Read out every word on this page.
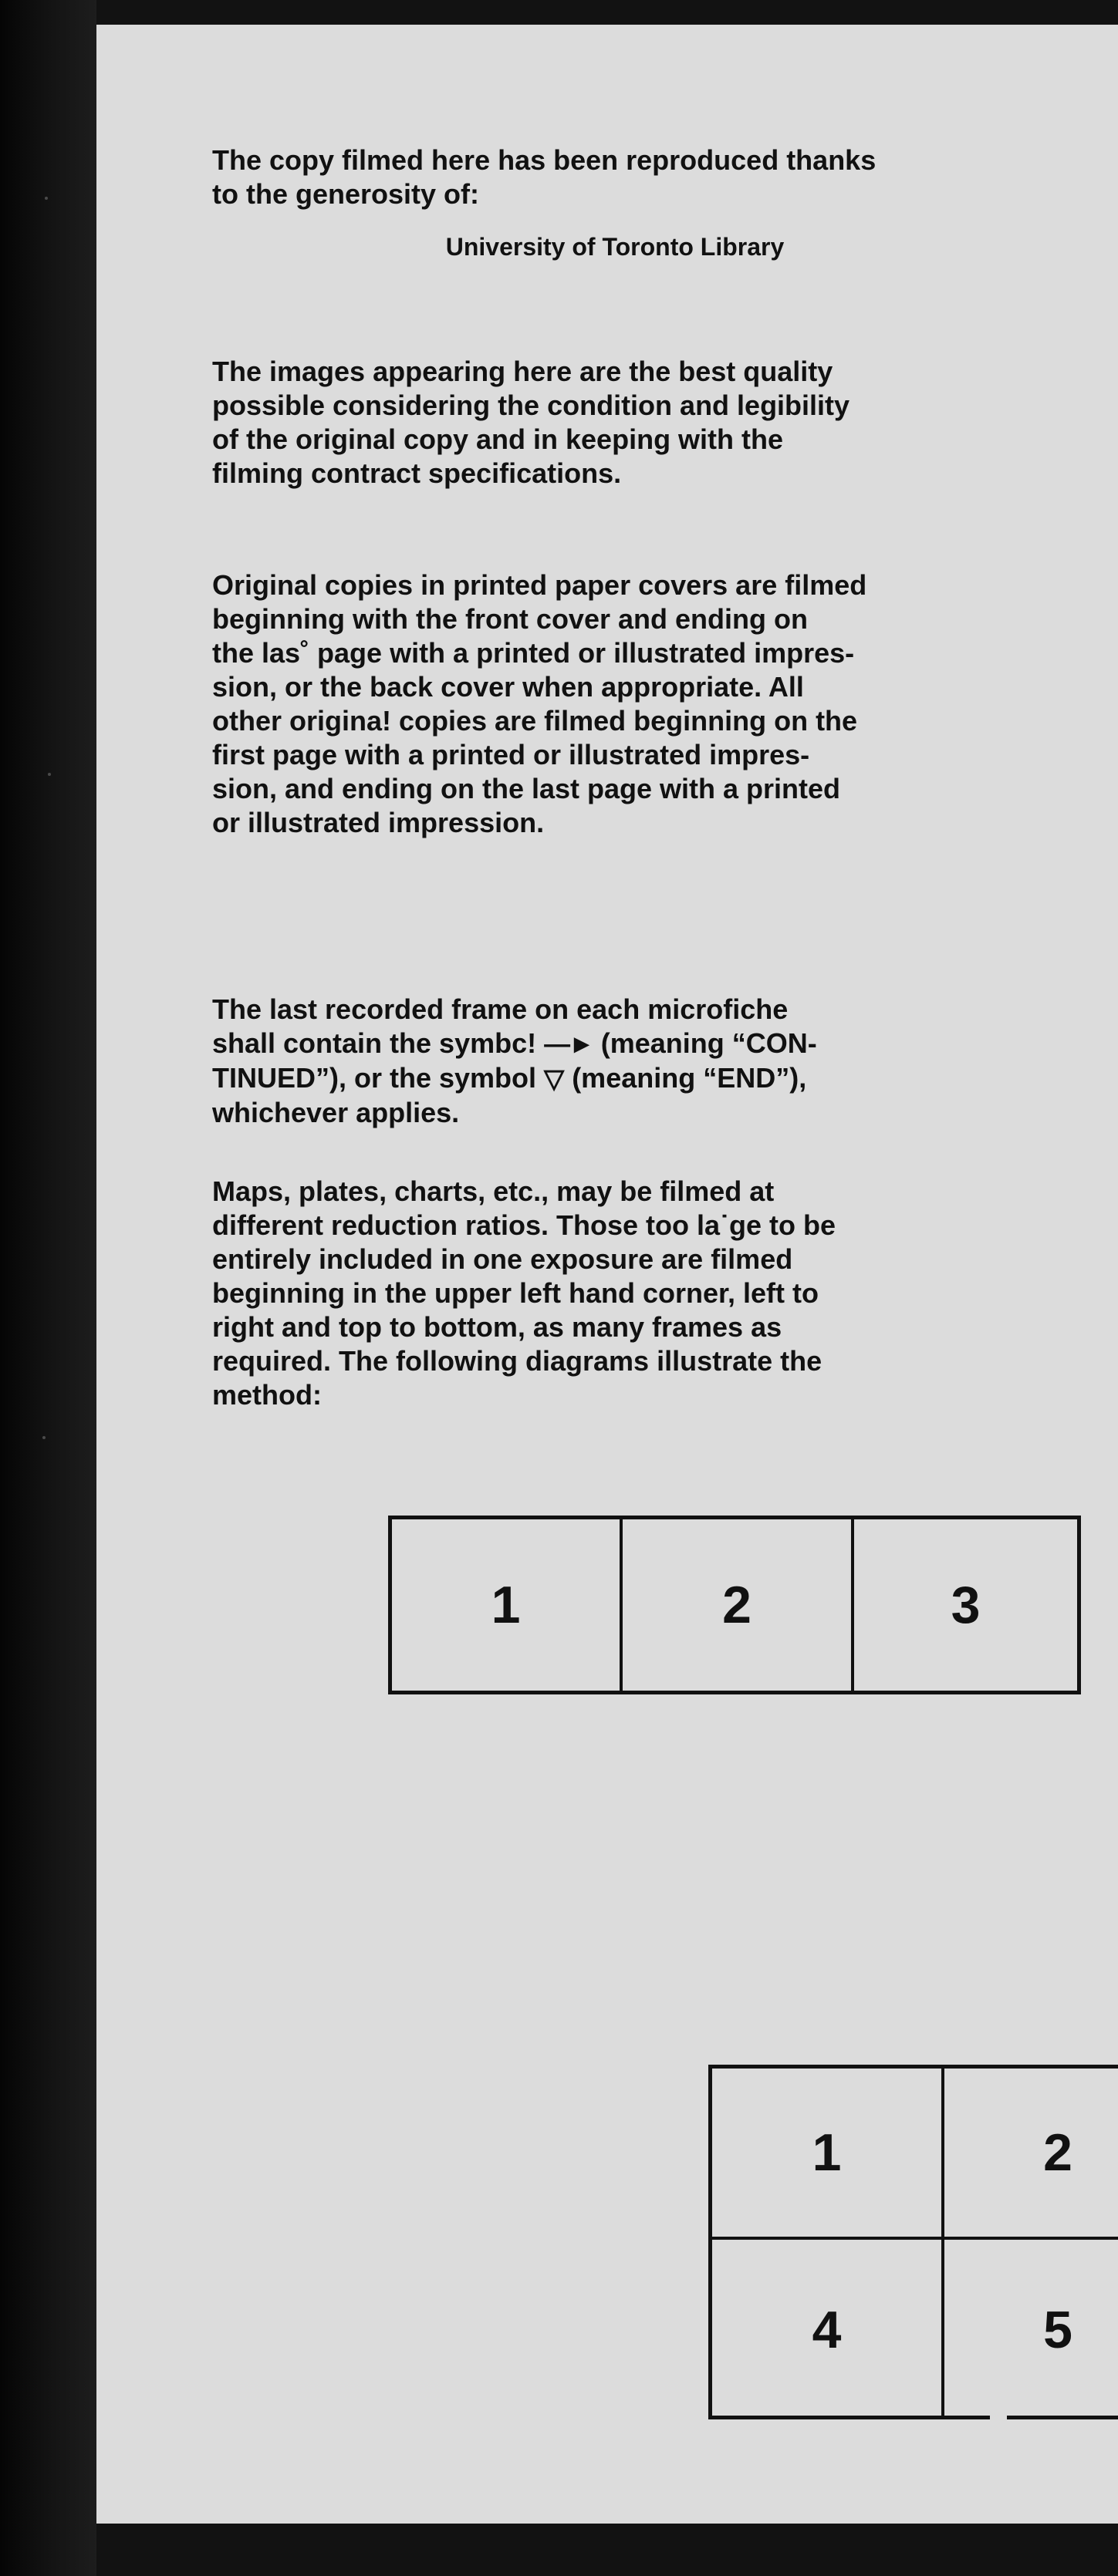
The copy filmed here has been reproduced thanks
to the generosity of:

University of Toronto Library

The images appearing here are the best quality
possible considering the condition and legibility
of the original copy and in keeping with the
filming contract specifications.

Original copies in printed paper covers are filmed
beginning with the front cover and ending on
the las˚ page with a printed or illustrated impres-
sion, or the back cover when appropriate. All
other origina! copies are filmed beginning on the
first page with a printed or illustrated impres-
sion, and ending on the last page with a printed
or illustrated impression.

The last recorded frame on each microfiche
shall contain the symbc! —► (meaning “CON-
TINUED”), or the symbol ▽ (meaning “END”),
whichever applies.

Maps, plates, charts, etc., may be filmed at
different reduction ratios. Those too la˙ge to be
entirely included in one exposure are filmed
beginning in the upper left hand corner, left to
right and top to bottom, as many frames as
required. The following diagrams illustrate the
method:

1	2	3
1	2
4	5
